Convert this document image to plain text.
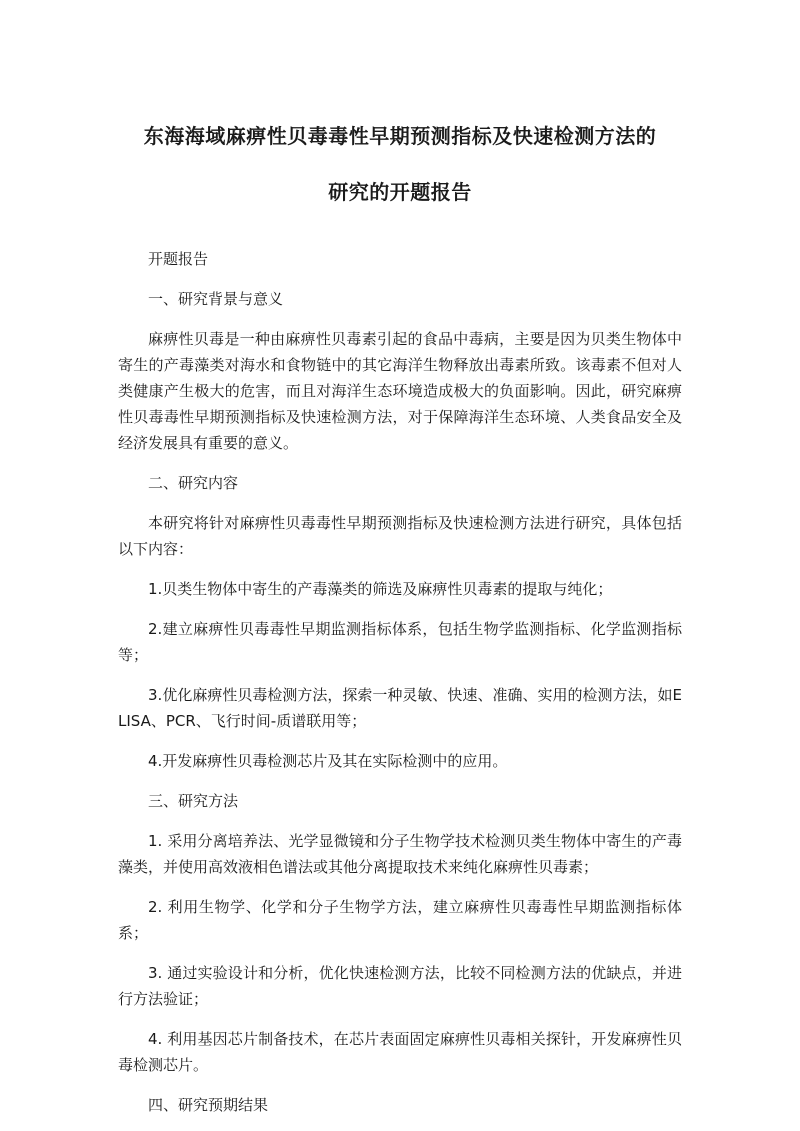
东海海域麻痹性贝毒毒性早期预测指标及快速检测方法的
研究的开题报告

开题报告

一、研究背景与意义

麻痹性贝毒是一种由麻痹性贝毒素引起的食品中毒病，主要是因为贝类生物体中寄生的产毒藻类对海水和食物链中的其它海洋生物释放出毒素所致。该毒素不但对人类健康产生极大的危害，而且对海洋生态环境造成极大的负面影响。因此，研究麻痹性贝毒毒性早期预测指标及快速检测方法，对于保障海洋生态环境、人类食品安全及经济发展具有重要的意义。

二、研究内容

本研究将针对麻痹性贝毒毒性早期预测指标及快速检测方法进行研究，具体包括以下内容：

1.贝类生物体中寄生的产毒藻类的筛选及麻痹性贝毒素的提取与纯化；

2.建立麻痹性贝毒毒性早期监测指标体系，包括生物学监测指标、化学监测指标等；

3.优化麻痹性贝毒检测方法，探索一种灵敏、快速、准确、实用的检测方法，如ELISA、PCR、飞行时间-质谱联用等；

4.开发麻痹性贝毒检测芯片及其在实际检测中的应用。

三、研究方法

1. 采用分离培养法、光学显微镜和分子生物学技术检测贝类生物体中寄生的产毒藻类，并使用高效液相色谱法或其他分离提取技术来纯化麻痹性贝毒素；

2. 利用生物学、化学和分子生物学方法，建立麻痹性贝毒毒性早期监测指标体系；

3. 通过实验设计和分析，优化快速检测方法，比较不同检测方法的优缺点，并进行方法验证；

4. 利用基因芯片制备技术，在芯片表面固定麻痹性贝毒相关探针，开发麻痹性贝毒检测芯片。

四、研究预期结果
